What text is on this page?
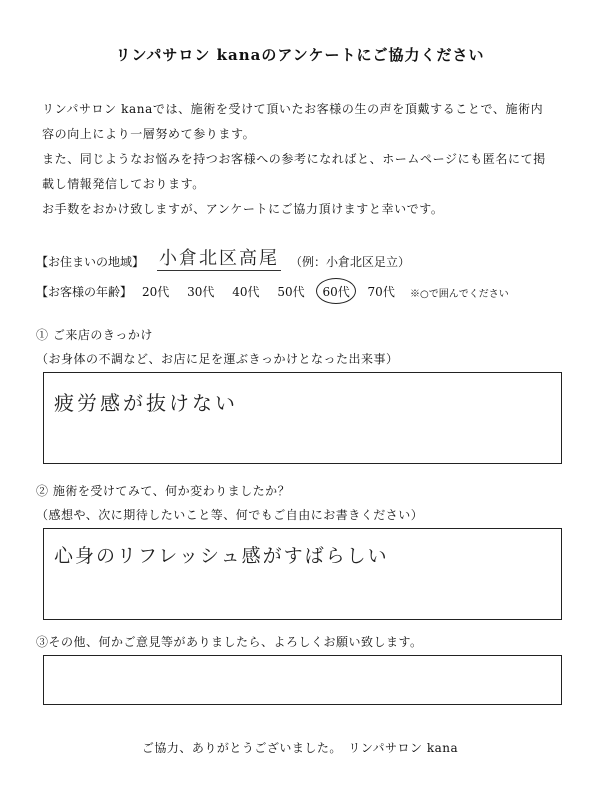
リンパサロン kanaのアンケートにご協力ください
リンパサロン kanaでは、施術を受けて頂いたお客様の生の声を頂戴することで、施術内
容の向上により一層努めて参ります。
また、同じようなお悩みを持つお客様への参考になればと、ホームページにも匿名にて掲
載し情報発信しております。
お手数をおかけ致しますが、アンケートにご協力頂けますと幸いです。
【お住まいの地域】 小倉北区高尾 （例：小倉北区足立）
【お客様の年齢】 20代 30代 40代 50代 60代 70代	※○で囲んでください
① ご来店のきっかけ
（お身体の不調など、お店に足を運ぶきっかけとなった出来事）
疲労感が抜けない
② 施術を受けてみて、何か変わりましたか？
（感想や、次に期待したいこと等、何でもご自由にお書きください）
心身のリフレッシュ感がすばらしい
③その他、何かご意見等がありましたら、よろしくお願い致します。
ご協力、ありがとうございました。　リンパサロン kana
